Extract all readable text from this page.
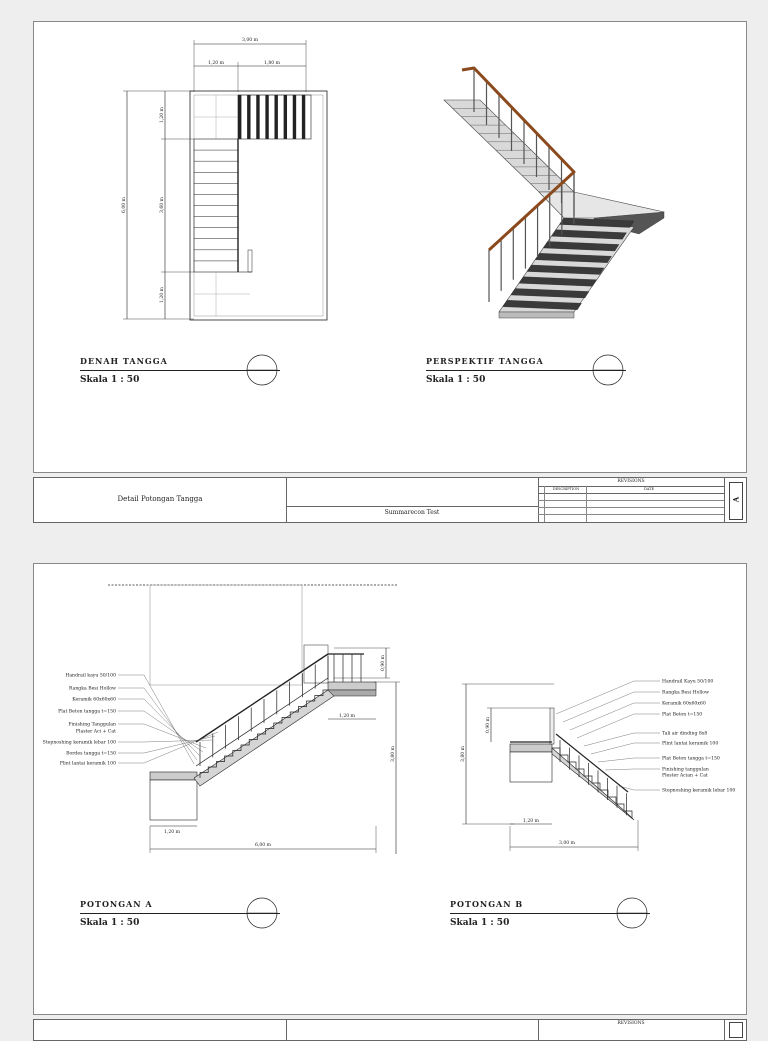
3,00 m
1,20 m	1,80 m
6,00 m
1,20 m
3,60 m
1,20 m
DENAH TANGGA
Skala 1 : 50
PERSPEKTIF TANGGA
Skala 1 : 50
Detail Potongan Tangga
Summarecon Test
REVISIONS
DESCRIPTION	DATE
A
0,90 m
1,20 m
3,80 m
1,20 m
6,00 m
Handrail kayu 50/100
Rangka Besi Hollow
Keramik 60x60x60
Plat Beton tangga t=150
Finishing Tanggulan
Plaster Aci + Cat
Stepnoshing keramik lebar 100
Bordes tangga t=150
Plint lantai keramik 100
3,80 m
0,90 m
1,20 m
3,00 m
Handrail Kayu 50/100
Rangka Besi Hollow
Keramik 60x60x60
Plat Beton t=150
Tali air dinding 8x8
Plint lantai keramik 100
Plat Beton tangga t=150
Finishing tanggulan
Plester Acian + Cat
Stepnoshing keramik lebar 100
POTONGAN A
Skala 1 : 50
POTONGAN B
Skala 1 : 50
REVISIONS
